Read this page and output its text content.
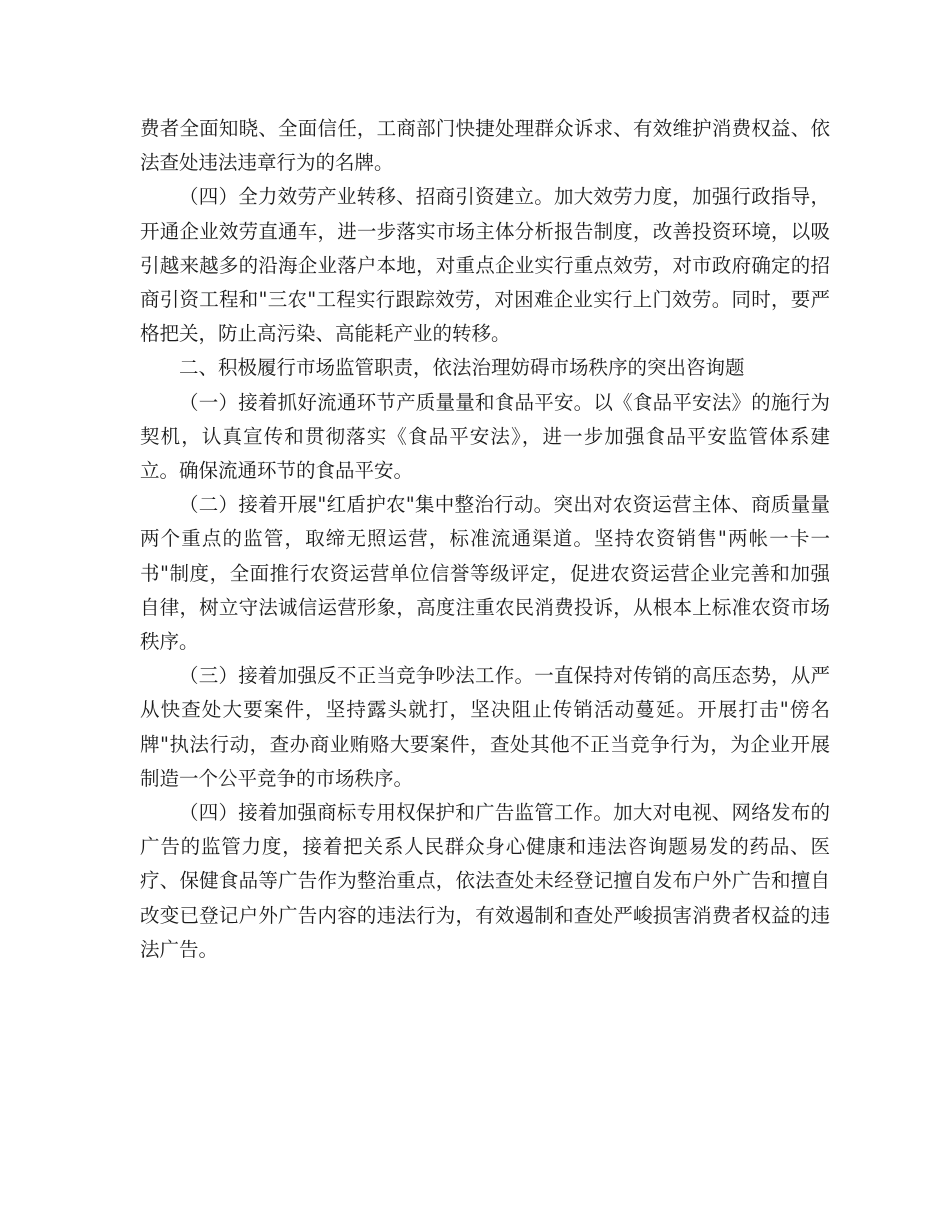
费者全面知晓、全面信任，工商部门快捷处理群众诉求、有效维护消费权益、依法查处违法违章行为的名牌。

（四）全力效劳产业转移、招商引资建立。加大效劳力度，加强行政指导，开通企业效劳直通车，进一步落实市场主体分析报告制度，改善投资环境，以吸引越来越多的沿海企业落户本地，对重点企业实行重点效劳，对市政府确定的招商引资工程和"三农"工程实行跟踪效劳，对困难企业实行上门效劳。同时，要严格把关，防止高污染、高能耗产业的转移。

二、积极履行市场监管职责，依法治理妨碍市场秩序的突出咨询题

（一）接着抓好流通环节产质量量和食品平安。以《食品平安法》的施行为契机，认真宣传和贯彻落实《食品平安法》，进一步加强食品平安监管体系建立。确保流通环节的食品平安。

（二）接着开展"红盾护农"集中整治行动。突出对农资运营主体、商质量量两个重点的监管，取缔无照运营，标准流通渠道。坚持农资销售"两帐一卡一书"制度，全面推行农资运营单位信誉等级评定，促进农资运营企业完善和加强自律，树立守法诚信运营形象，高度注重农民消费投诉，从根本上标准农资市场秩序。

（三）接着加强反不正当竞争吵法工作。一直保持对传销的高压态势，从严从快查处大要案件，坚持露头就打，坚决阻止传销活动蔓延。开展打击"傍名牌"执法行动，查办商业贿赂大要案件，查处其他不正当竞争行为，为企业开展制造一个公平竞争的市场秩序。

（四）接着加强商标专用权保护和广告监管工作。加大对电视、网络发布的广告的监管力度，接着把关系人民群众身心健康和违法咨询题易发的药品、医疗、保健食品等广告作为整治重点，依法查处未经登记擅自发布户外广告和擅自改变已登记户外广告内容的违法行为，有效遏制和查处严峻损害消费者权益的违法广告。
